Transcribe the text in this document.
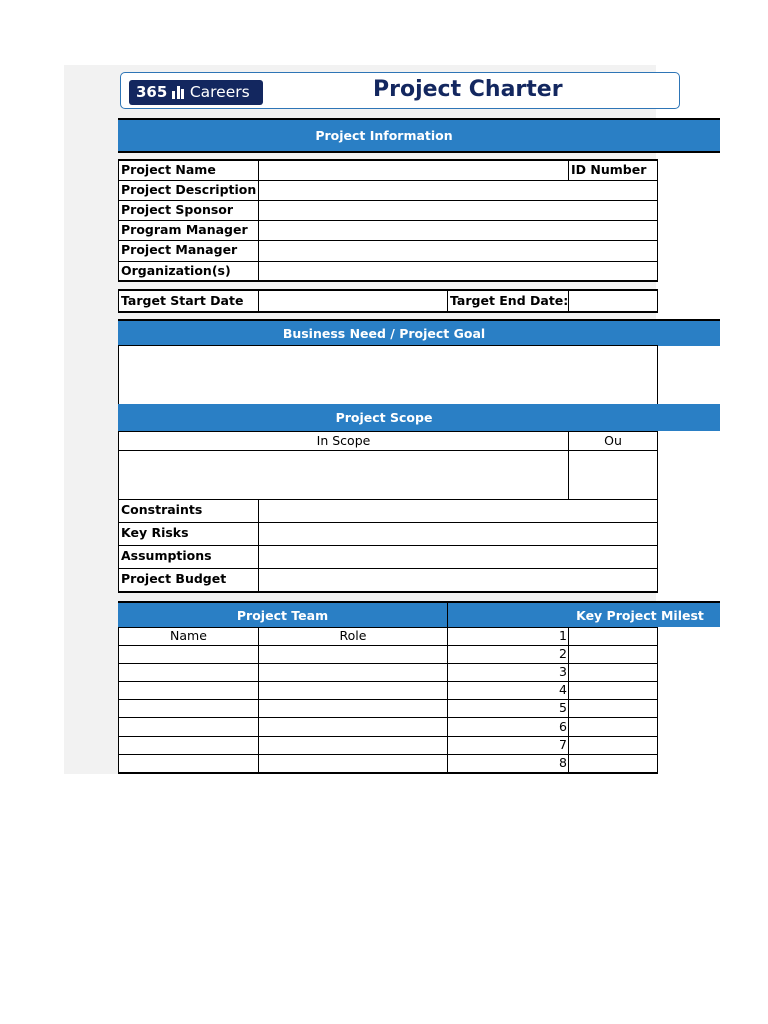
365 Careers	Project Charter
Project Information
Project Name	ID Number
Project Description
Project Sponsor
Program Manager
Project Manager
Organization(s)
Target Start Date	Target End Date:
Business Need / Project Goal
Project Scope
In Scope	Ou
Constraints
Key Risks
Assumptions
Project Budget
Project Team	Key Project Milest
Name	Role	1
2
3
4
5
6
7
8
